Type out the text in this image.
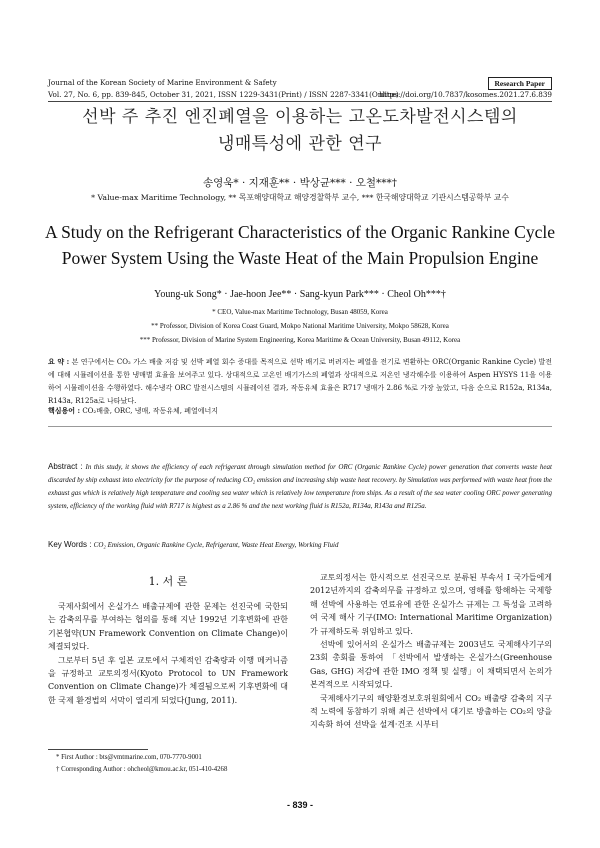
Journal of the Korean Society of Marine Environment & Safety	Research Paper
Vol. 27, No. 6, pp. 839-845, October 31, 2021, ISSN 1229-3431(Print) / ISSN 2287-3341(Online)
https://doi.org/10.7837/kosomes.2021.27.6.839
선박 주 추진 엔진폐열을 이용하는 고온도차발전시스템의
냉매특성에 관한 연구
송영욱* · 지재훈** · 박상균*** · 오철***†
* Value-max Maritime Technology, ** 목포해양대학교 해양경찰학부 교수, *** 한국해양대학교 기관시스템공학부 교수
A Study on the Refrigerant Characteristics of the Organic Rankine Cycle
Power System Using the Waste Heat of the Main Propulsion Engine
Young-uk Song* · Jae-hoon Jee** · Sang-kyun Park*** · Cheol Oh***†
* CEO, Value-max Maritime Technology, Busan 48059, Korea
** Professor, Division of Korea Coast Guard, Mokpo National Maritime University, Mokpo 58628, Korea
*** Professor, Division of Marine System Engineering, Korea Maritime & Ocean University, Busan 49112, Korea
요 약 : 본 연구에서는 CO₂ 가스 배출 저감 및 선박 폐열 회수 증대를 목적으로 선박 배기로 버려지는 폐열을 전기로 변환하는 ORC(Organic Rankine Cycle) 발전에 대해 시뮬레이션을 통한 냉매별 효율을 보여주고 있다. 상대적으로 고온인 배기가스의 폐열과 상대적으로 저온인 냉각해수를 이용하여 Aspen HYSYS 11을 이용하여 시뮬레이션을 수행하였다. 해수냉각 ORC 발전시스템의 시뮬레이션 결과, 작동유체 효율은 R717 냉매가 2.86 %로 가장 높았고, 다음 순으로 R152a, R134a, R143a, R125a로 나타났다.
핵심용어 : CO₂배출, ORC, 냉매, 작동유체, 폐열에너지
Abstract : In this study, it shows the efficiency of each refrigerant through simulation method for ORC (Organic Rankine Cycle) power generation that converts waste heat discarded by ship exhaust into electricity for the purpose of reducing CO₂ emission and increasing ship waste heat recovery. by Simulation was performed with waste heat from the exhaust gas which is relatively high temperature and cooling sea water which is relatively low temperature from ships. As a result of the sea water cooling ORC power generating system, efficiency of the working fluid with R717 is highest as a 2.86 % and the next working fluid is R152a, R134a, R143a and R125a.
Key Words : CO₂ Emission, Organic Rankine Cycle, Refrigerant, Waste Heat Energy, Working Fluid
1. 서 론

국제사회에서 온실가스 배출규제에 관한 문제는 선진국에 국한되는 감축의무를 부여하는 협의를 통해 지난 1992년 기후변화에 관한 기본협약(UN Framework Convention on Climate Change)이 체결되었다.

그로부터 5년 후 일본 교토에서 구체적인 감축량과 이행 메커니즘을 규정하고 교토의정서(Kyoto Protocol to UN Framework Convention on Climate Change)가 체결됨으로써 기후변화에 대한 국제 환경법의 서막이 열리게 되었다(Jung, 2011).

* First Author : bts@vmtmarine.com, 070-7770-9001
† Corresponding Author : ohcheol@kmou.ac.kr, 051-410-4268

교토의정서는 한시적으로 선진국으로 분류된 부속서 I 국가들에게 2012년까지의 감축의무를 규정하고 있으며, 영해를 항해하는 국제항해 선박에 사용하는 연료유에 관한 온실가스 규제는 그 특성을 고려하여 국제 해사 기구(IMO: International Maritime Organization)가 규제하도록 위임하고 있다.

선박에 있어서의 온실가스 배출규제는 2003년도 국제해사기구의 23회 총회를 통하여 「선박에서 발생하는 온실가스(Greenhouse Gas, GHG) 저감에 관한 IMO 정책 및 실행」이 채택되면서 논의가 본격적으로 시작되었다.

국제해사기구의 해양환경보호위원회에서 CO₂ 배출량 감축의 지구적 노력에 동참하기 위해 최근 선박에서 대기로 방출하는 CO₂의 양을 지속화 하여 선박을 설계·건조 시부터

- 839 -
